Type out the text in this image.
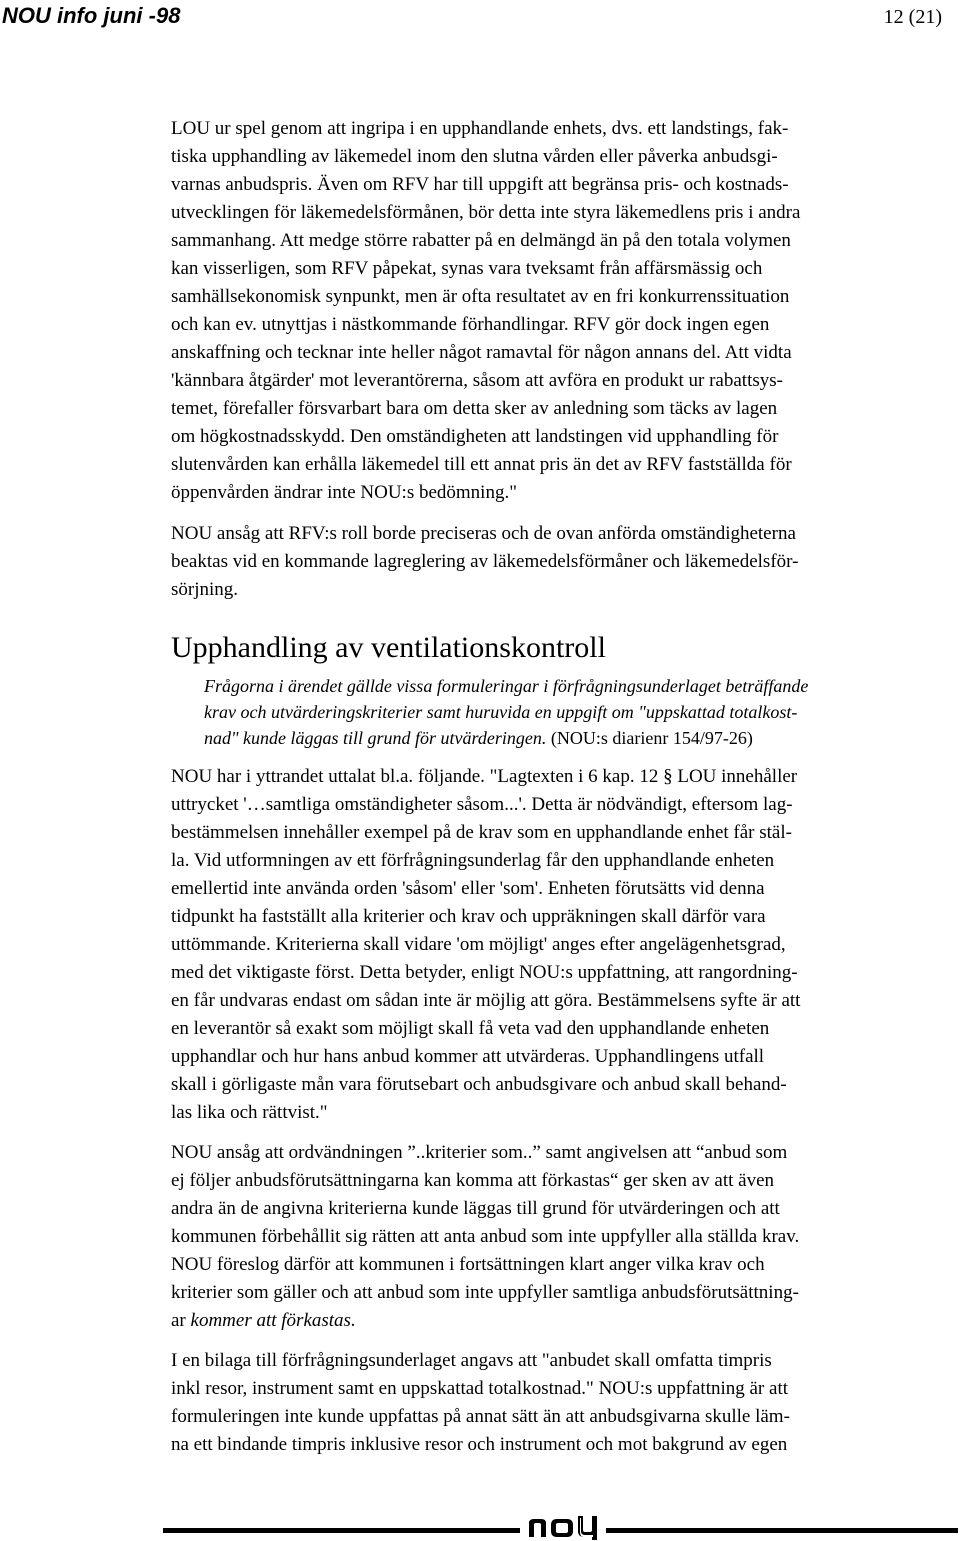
NOU info juni -98	12 (21)
LOU ur spel genom att ingripa i en upphandlande enhets, dvs. ett landstings, fak-
tiska upphandling av läkemedel inom den slutna vården eller påverka anbudsgi-
varnas anbudspris. Även om RFV har till uppgift att begränsa pris- och kostnads-
utvecklingen för läkemedelsförmånen, bör detta inte styra läkemedlens pris i andra
sammanhang. Att medge större rabatter på en delmängd än på den totala volymen
kan visserligen, som RFV påpekat, synas vara tveksamt från affärsmässig och
samhällsekonomisk synpunkt, men är ofta resultatet av en fri konkurrenssituation
och kan ev. utnyttjas i nästkommande förhandlingar. RFV gör dock ingen egen
anskaffning och tecknar inte heller något ramavtal för någon annans del. Att vidta
'kännbara åtgärder' mot leverantörerna, såsom att avföra en produkt ur rabattsys-
temet, förefaller försvarbart bara om detta sker av anledning som täcks av lagen
om högkostnadsskydd. Den omständigheten att landstingen vid upphandling för
slutenvården kan erhålla läkemedel till ett annat pris än det av RFV fastställda för
öppenvården ändrar inte NOU:s bedömning."
NOU ansåg att RFV:s roll borde preciseras och de ovan anförda omständigheterna
beaktas vid en kommande lagreglering av läkemedelsförmåner och läkemedelsför-
sörjning.
Upphandling av ventilationskontroll
Frågorna i ärendet gällde vissa formuleringar i förfrågningsunderlaget beträffande
krav och utvärderingskriterier samt huruvida en uppgift om "uppskattad totalkost-
nad" kunde läggas till grund för utvärderingen. (NOU:s diarienr 154/97-26)
NOU har i yttrandet uttalat bl.a. följande. "Lagtexten i 6 kap. 12 § LOU innehåller
uttrycket '…samtliga omständigheter såsom...'. Detta är nödvändigt, eftersom lag-
bestämmelsen innehåller exempel på de krav som en upphandlande enhet får stäl-
la. Vid utformningen av ett förfrågningsunderlag får den upphandlande enheten
emellertid inte använda orden 'såsom' eller 'som'. Enheten förutsätts vid denna
tidpunkt ha fastställt alla kriterier och krav och uppräkningen skall därför vara
uttömmande. Kriterierna skall vidare 'om möjligt' anges efter angelägenhetsgrad,
med det viktigaste först. Detta betyder, enligt NOU:s uppfattning, att rangordning-
en får undvaras endast om sådan inte är möjlig att göra. Bestämmelsens syfte är att
en leverantör så exakt som möjligt skall få veta vad den upphandlande enheten
upphandlar och hur hans anbud kommer att utvärderas. Upphandlingens utfall
skall i görligaste mån vara förutsebart och anbudsgivare och anbud skall behand-
las lika och rättvist."
NOU ansåg att ordvändningen ”..kriterier som..” samt angivelsen att “anbud som
ej följer anbudsförutsättningarna kan komma att förkastas“ ger sken av att även
andra än de angivna kriterierna kunde läggas till grund för utvärderingen och att
kommunen förbehållit sig rätten att anta anbud som inte uppfyller alla ställda krav.
NOU föreslog därför att kommunen i fortsättningen klart anger vilka krav och
kriterier som gäller och att anbud som inte uppfyller samtliga anbudsförutsättning-
ar kommer att förkastas.
I en bilaga till förfrågningsunderlaget angavs att "anbudet skall omfatta timpris
inkl resor, instrument samt en uppskattad totalkostnad." NOU:s uppfattning är att
formuleringen inte kunde uppfattas på annat sätt än att anbudsgivarna skulle läm-
na ett bindande timpris inklusive resor och instrument och mot bakgrund av egen
